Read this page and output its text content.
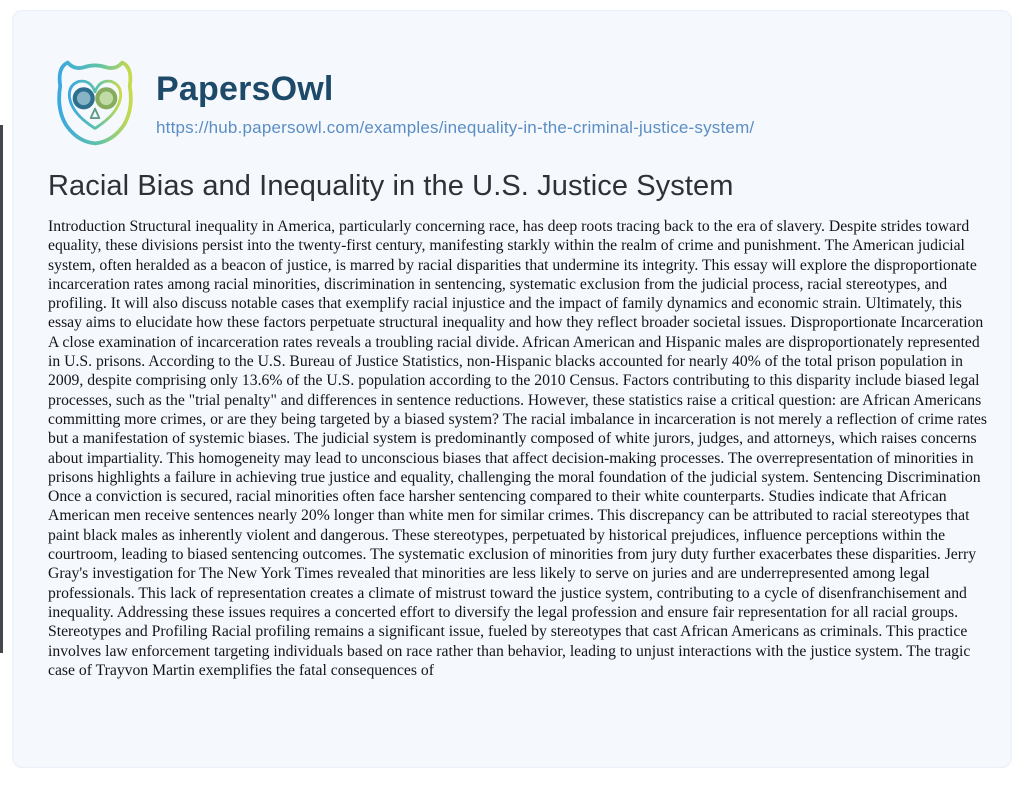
PapersOwl
https://hub.papersowl.com/examples/inequality-in-the-criminal-justice-system/
Racial Bias and Inequality in the U.S. Justice System
Introduction Structural inequality in America, particularly concerning race, has deep roots tracing back to the era of slavery. Despite strides toward equality, these divisions persist into the twenty-first century, manifesting starkly within the realm of crime and punishment. The American judicial system, often heralded as a beacon of justice, is marred by racial disparities that undermine its integrity. This essay will explore the disproportionate incarceration rates among racial minorities, discrimination in sentencing, systematic exclusion from the judicial process, racial stereotypes, and profiling. It will also discuss notable cases that exemplify racial injustice and the impact of family dynamics and economic strain. Ultimately, this essay aims to elucidate how these factors perpetuate structural inequality and how they reflect broader societal issues. Disproportionate Incarceration A close examination of incarceration rates reveals a troubling racial divide. African American and Hispanic males are disproportionately represented in U.S. prisons. According to the U.S. Bureau of Justice Statistics, non-Hispanic blacks accounted for nearly 40% of the total prison population in 2009, despite comprising only 13.6% of the U.S. population according to the 2010 Census. Factors contributing to this disparity include biased legal processes, such as the "trial penalty" and differences in sentence reductions. However, these statistics raise a critical question: are African Americans committing more crimes, or are they being targeted by a biased system? The racial imbalance in incarceration is not merely a reflection of crime rates but a manifestation of systemic biases. The judicial system is predominantly composed of white jurors, judges, and attorneys, which raises concerns about impartiality. This homogeneity may lead to unconscious biases that affect decision-making processes. The overrepresentation of minorities in prisons highlights a failure in achieving true justice and equality, challenging the moral foundation of the judicial system. Sentencing Discrimination Once a conviction is secured, racial minorities often face harsher sentencing compared to their white counterparts. Studies indicate that African American men receive sentences nearly 20% longer than white men for similar crimes. This discrepancy can be attributed to racial stereotypes that paint black males as inherently violent and dangerous. These stereotypes, perpetuated by historical prejudices, influence perceptions within the courtroom, leading to biased sentencing outcomes. The systematic exclusion of minorities from jury duty further exacerbates these disparities. Jerry Gray's investigation for The New York Times revealed that minorities are less likely to serve on juries and are underrepresented among legal professionals. This lack of representation creates a climate of mistrust toward the justice system, contributing to a cycle of disenfranchisement and inequality. Addressing these issues requires a concerted effort to diversify the legal profession and ensure fair representation for all racial groups. Stereotypes and Profiling Racial profiling remains a significant issue, fueled by stereotypes that cast African Americans as criminals. This practice involves law enforcement targeting individuals based on race rather than behavior, leading to unjust interactions with the justice system. The tragic case of Trayvon Martin exemplifies the fatal consequences of
